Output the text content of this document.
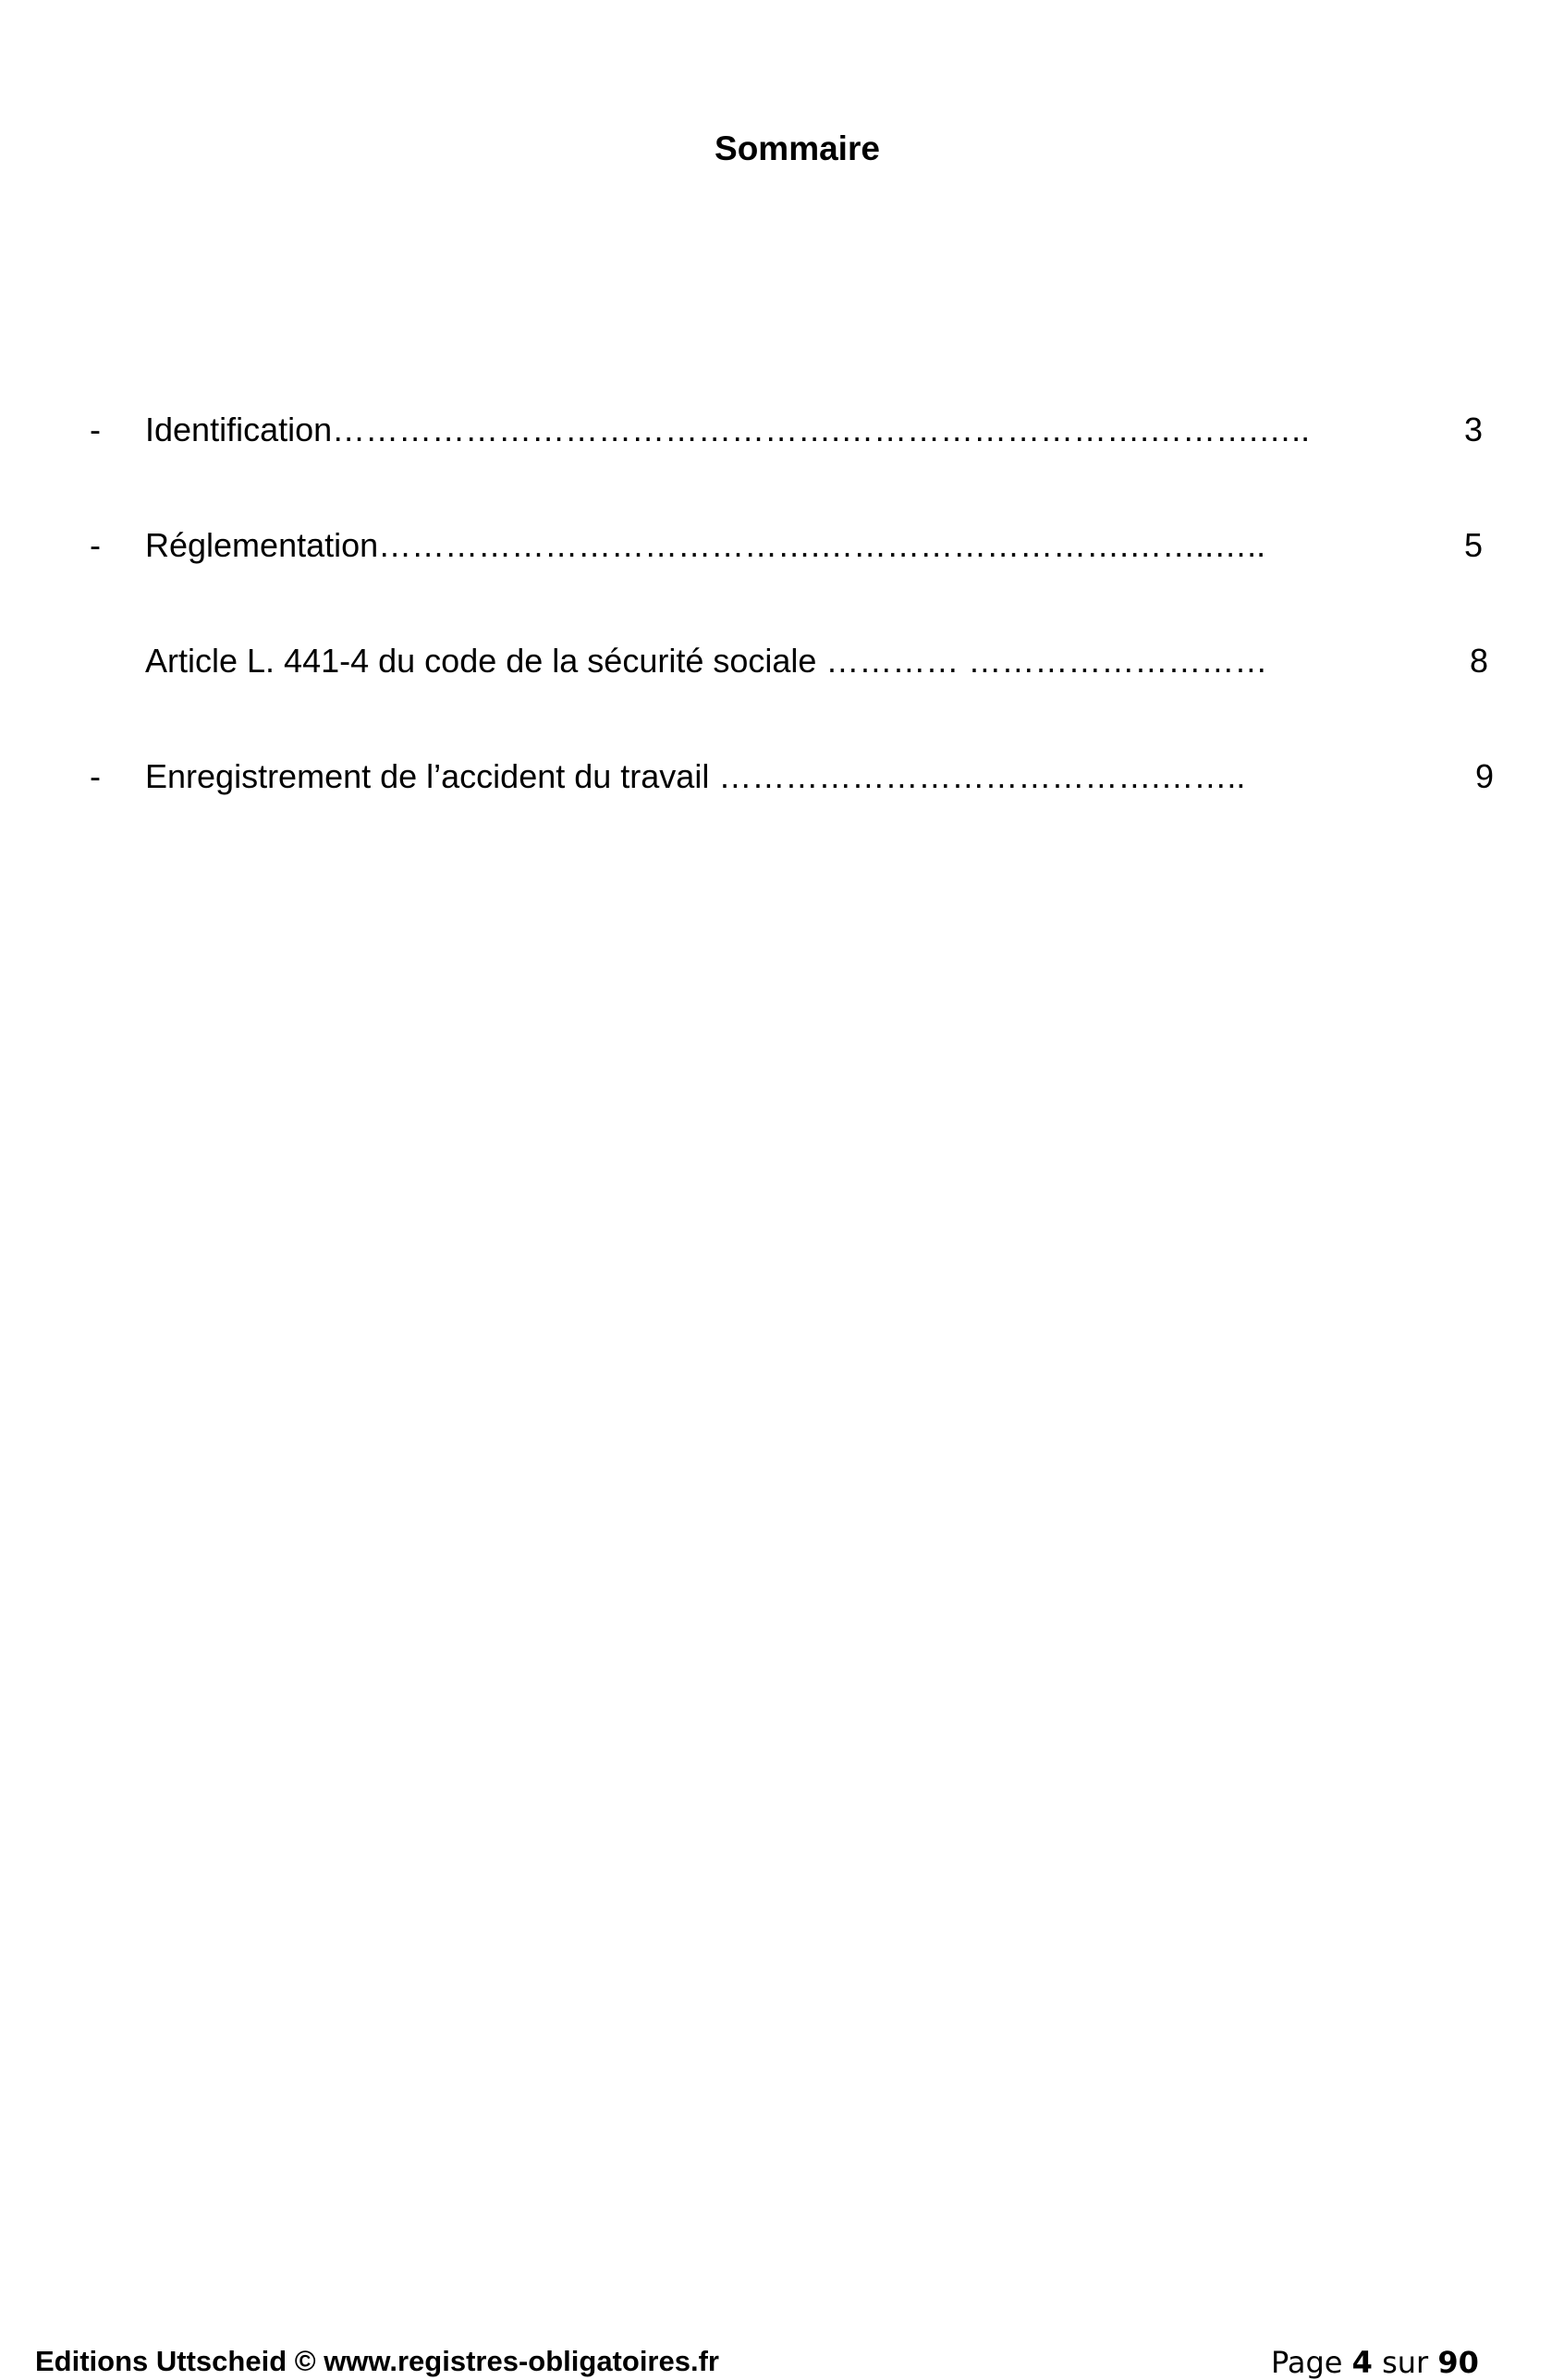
Sommaire
- Identification……………………………………….……………………….……….…..	3
- Réglementation………………………………….……………………….……..…..	5
Article L. 441-4 du code de la sécurité sociale ………… ………………………	8
- Enregistrement de l’accident du travail ………………………………….……..	9
Editions Uttscheid © www.registres-obligatoires.fr	Page 4 sur 90
